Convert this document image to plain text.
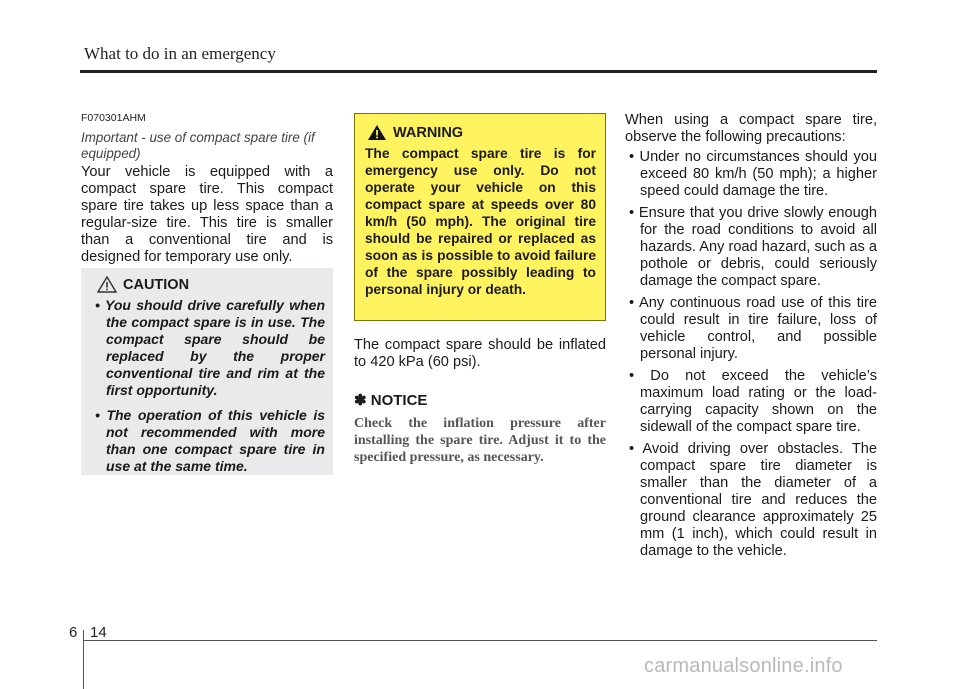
What to do in an emergency

F070301AHM

Important - use of compact spare tire (if equipped)

Your vehicle is equipped with a compact spare tire. This compact spare tire takes up less space than a regular-size tire. This tire is smaller than a conventional tire and is designed for temporary use only.

CAUTION
• You should drive carefully when the compact spare is in use. The compact spare should be replaced by the proper conventional tire and rim at the first opportunity.
• The operation of this vehicle is not recommended with more than one compact spare tire in use at the same time.
WARNING

The compact spare tire is for emergency use only. Do not operate your vehicle on this compact spare at speeds over 80 km/h (50 mph). The original tire should be repaired or replaced as soon as is possible to avoid failure of the spare possibly leading to personal injury or death.

The compact spare should be inflated to 420 kPa (60 psi).

✽ NOTICE

Check the inflation pressure after installing the spare tire. Adjust it to the specified pressure, as necessary.

When using a compact spare tire, observe the following precautions:

• Under no circumstances should you exceed 80 km/h (50 mph); a higher speed could damage the tire.
• Ensure that you drive slowly enough for the road conditions to avoid all hazards. Any road hazard, such as a pothole or debris, could seriously damage the compact spare.
• Any continuous road use of this tire could result in tire failure, loss of vehicle control, and possible personal injury.
• Do not exceed the vehicle’s maximum load rating or the load-carrying capacity shown on the sidewall of the compact spare tire.
• Avoid driving over obstacles. The compact spare tire diameter is smaller than the diameter of a conventional tire and reduces the ground clearance approximately 25 mm (1 inch), which could result in damage to the vehicle.
6 14
carmanualsonline.info
